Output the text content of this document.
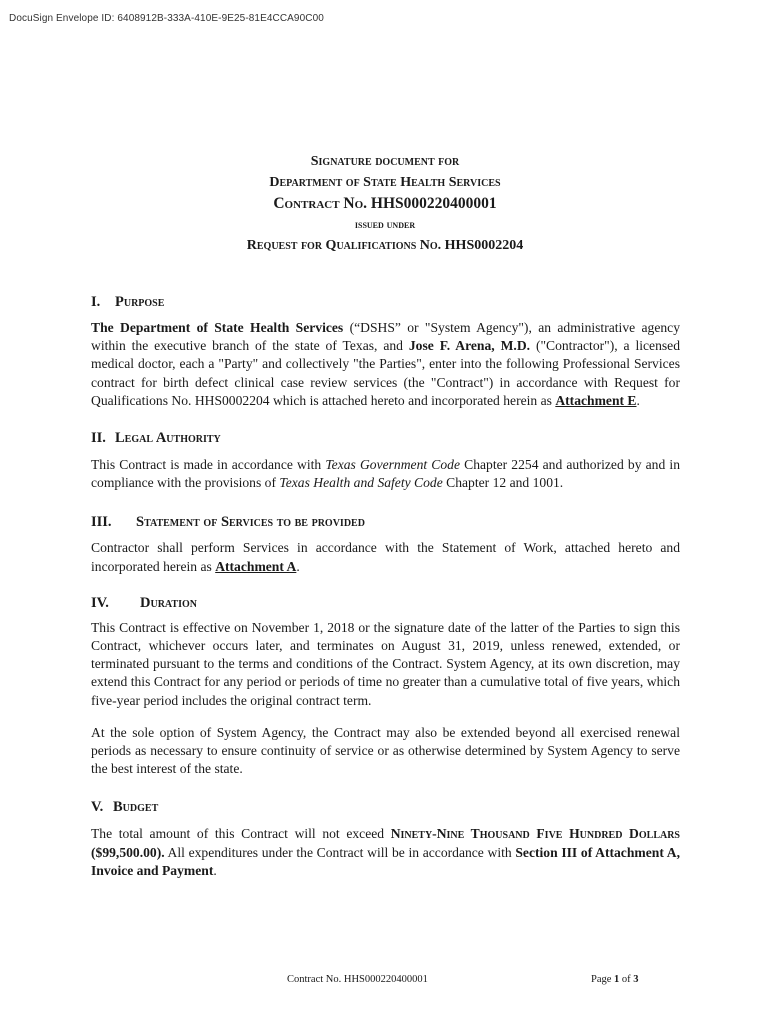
DocuSign Envelope ID: 6408912B-333A-410E-9E25-81E4CCA90C00
Signature document for
Department of State Health Services
Contract No. HHS000220400001
issued under
Request for Qualifications No. HHS0002204

I. Purpose

The Department of State Health Services (“DSHS” or "System Agency"), an administrative agency within the executive branch of the state of Texas, and Jose F. Arena, M.D. ("Contractor"), a licensed medical doctor, each a "Party" and collectively "the Parties", enter into the following Professional Services contract for birth defect clinical case review services (the "Contract") in accordance with Request for Qualifications No. HHS0002204 which is attached hereto and incorporated herein as Attachment E.

II. Legal Authority

This Contract is made in accordance with Texas Government Code Chapter 2254 and authorized by and in compliance with the provisions of Texas Health and Safety Code Chapter 12 and 1001.

III. Statement of Services to be provided

Contractor shall perform Services in accordance with the Statement of Work, attached hereto and incorporated herein as Attachment A.

IV. Duration

This Contract is effective on November 1, 2018 or the signature date of the latter of the Parties to sign this Contract, whichever occurs later, and terminates on August 31, 2019, unless renewed, extended, or terminated pursuant to the terms and conditions of the Contract. System Agency, at its own discretion, may extend this Contract for any period or periods of time no greater than a cumulative total of five years, which five-year period includes the original contract term.

At the sole option of System Agency, the Contract may also be extended beyond all exercised renewal periods as necessary to ensure continuity of service or as otherwise determined by System Agency to serve the best interest of the state.

V. Budget

The total amount of this Contract will not exceed Ninety-Nine Thousand Five Hundred Dollars ($99,500.00). All expenditures under the Contract will be in accordance with Section III of Attachment A, Invoice and Payment.

Contract No. HHS000220400001	Page 1 of 3
